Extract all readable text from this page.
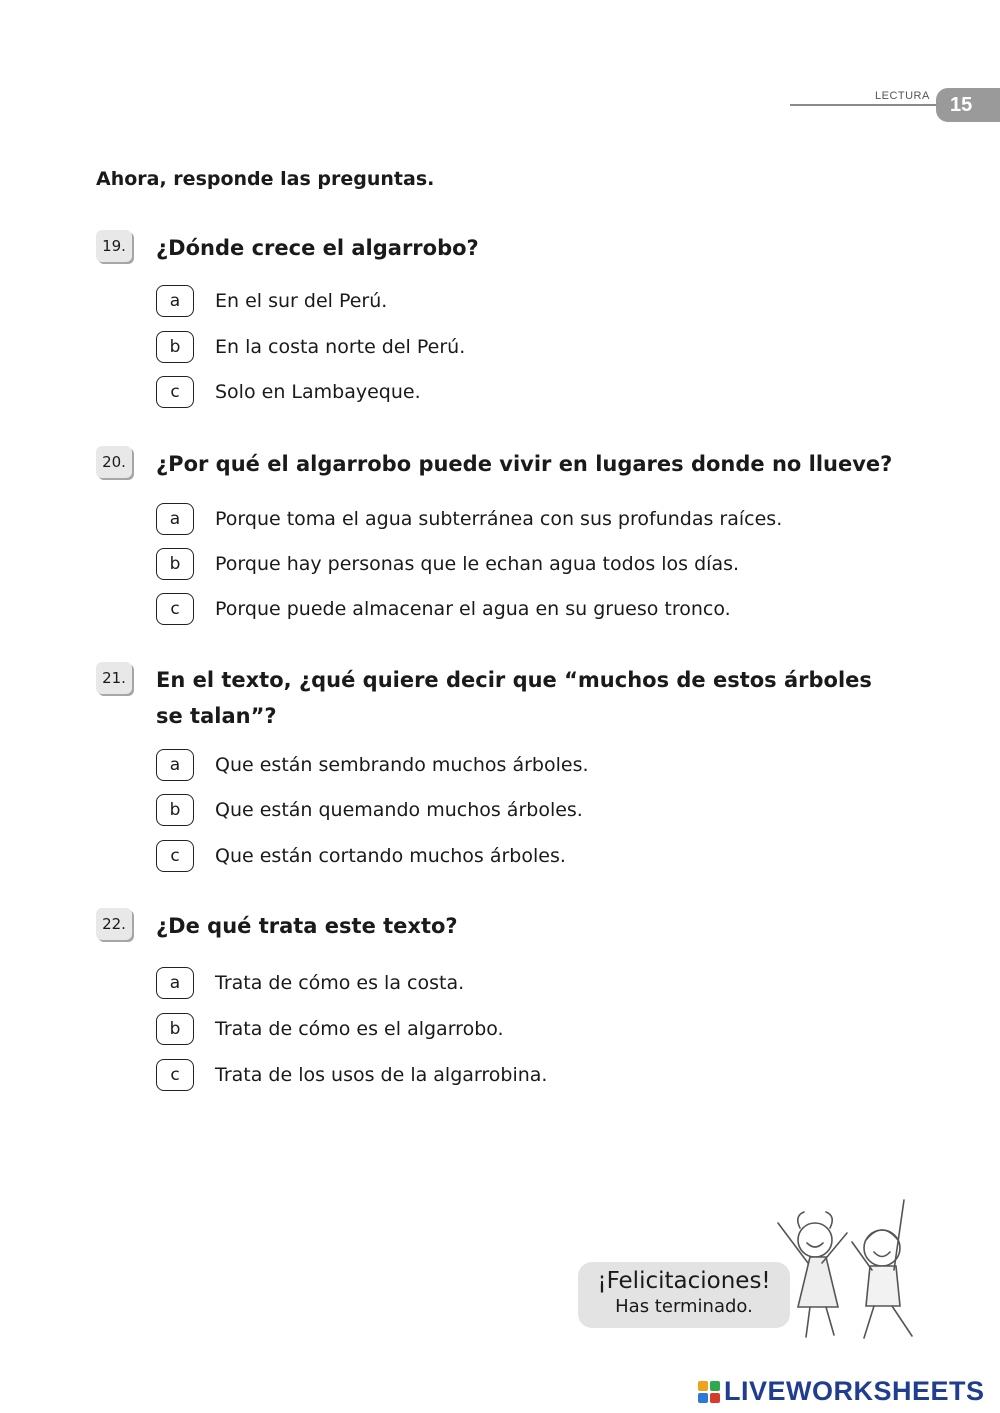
LECTURA 15
Ahora, responde las preguntas.
19. ¿Dónde crece el algarrobo?
a	En el sur del Perú.
b	En la costa norte del Perú.
c	Solo en Lambayeque.
20. ¿Por qué el algarrobo puede vivir en lugares donde no llueve?
a	Porque toma el agua subterránea con sus profundas raíces.
b	Porque hay personas que le echan agua todos los días.
c	Porque puede almacenar el agua en su grueso tronco.
21. En el texto, ¿qué quiere decir que “muchos de estos árboles se talan”?
a	Que están sembrando muchos árboles.
b	Que están quemando muchos árboles.
c	Que están cortando muchos árboles.
22. ¿De qué trata este texto?
a	Trata de cómo es la costa.
b	Trata de cómo es el algarrobo.
c	Trata de los usos de la algarrobina.
¡Felicitaciones!
Has terminado.
LIVEWORKSHEETS
